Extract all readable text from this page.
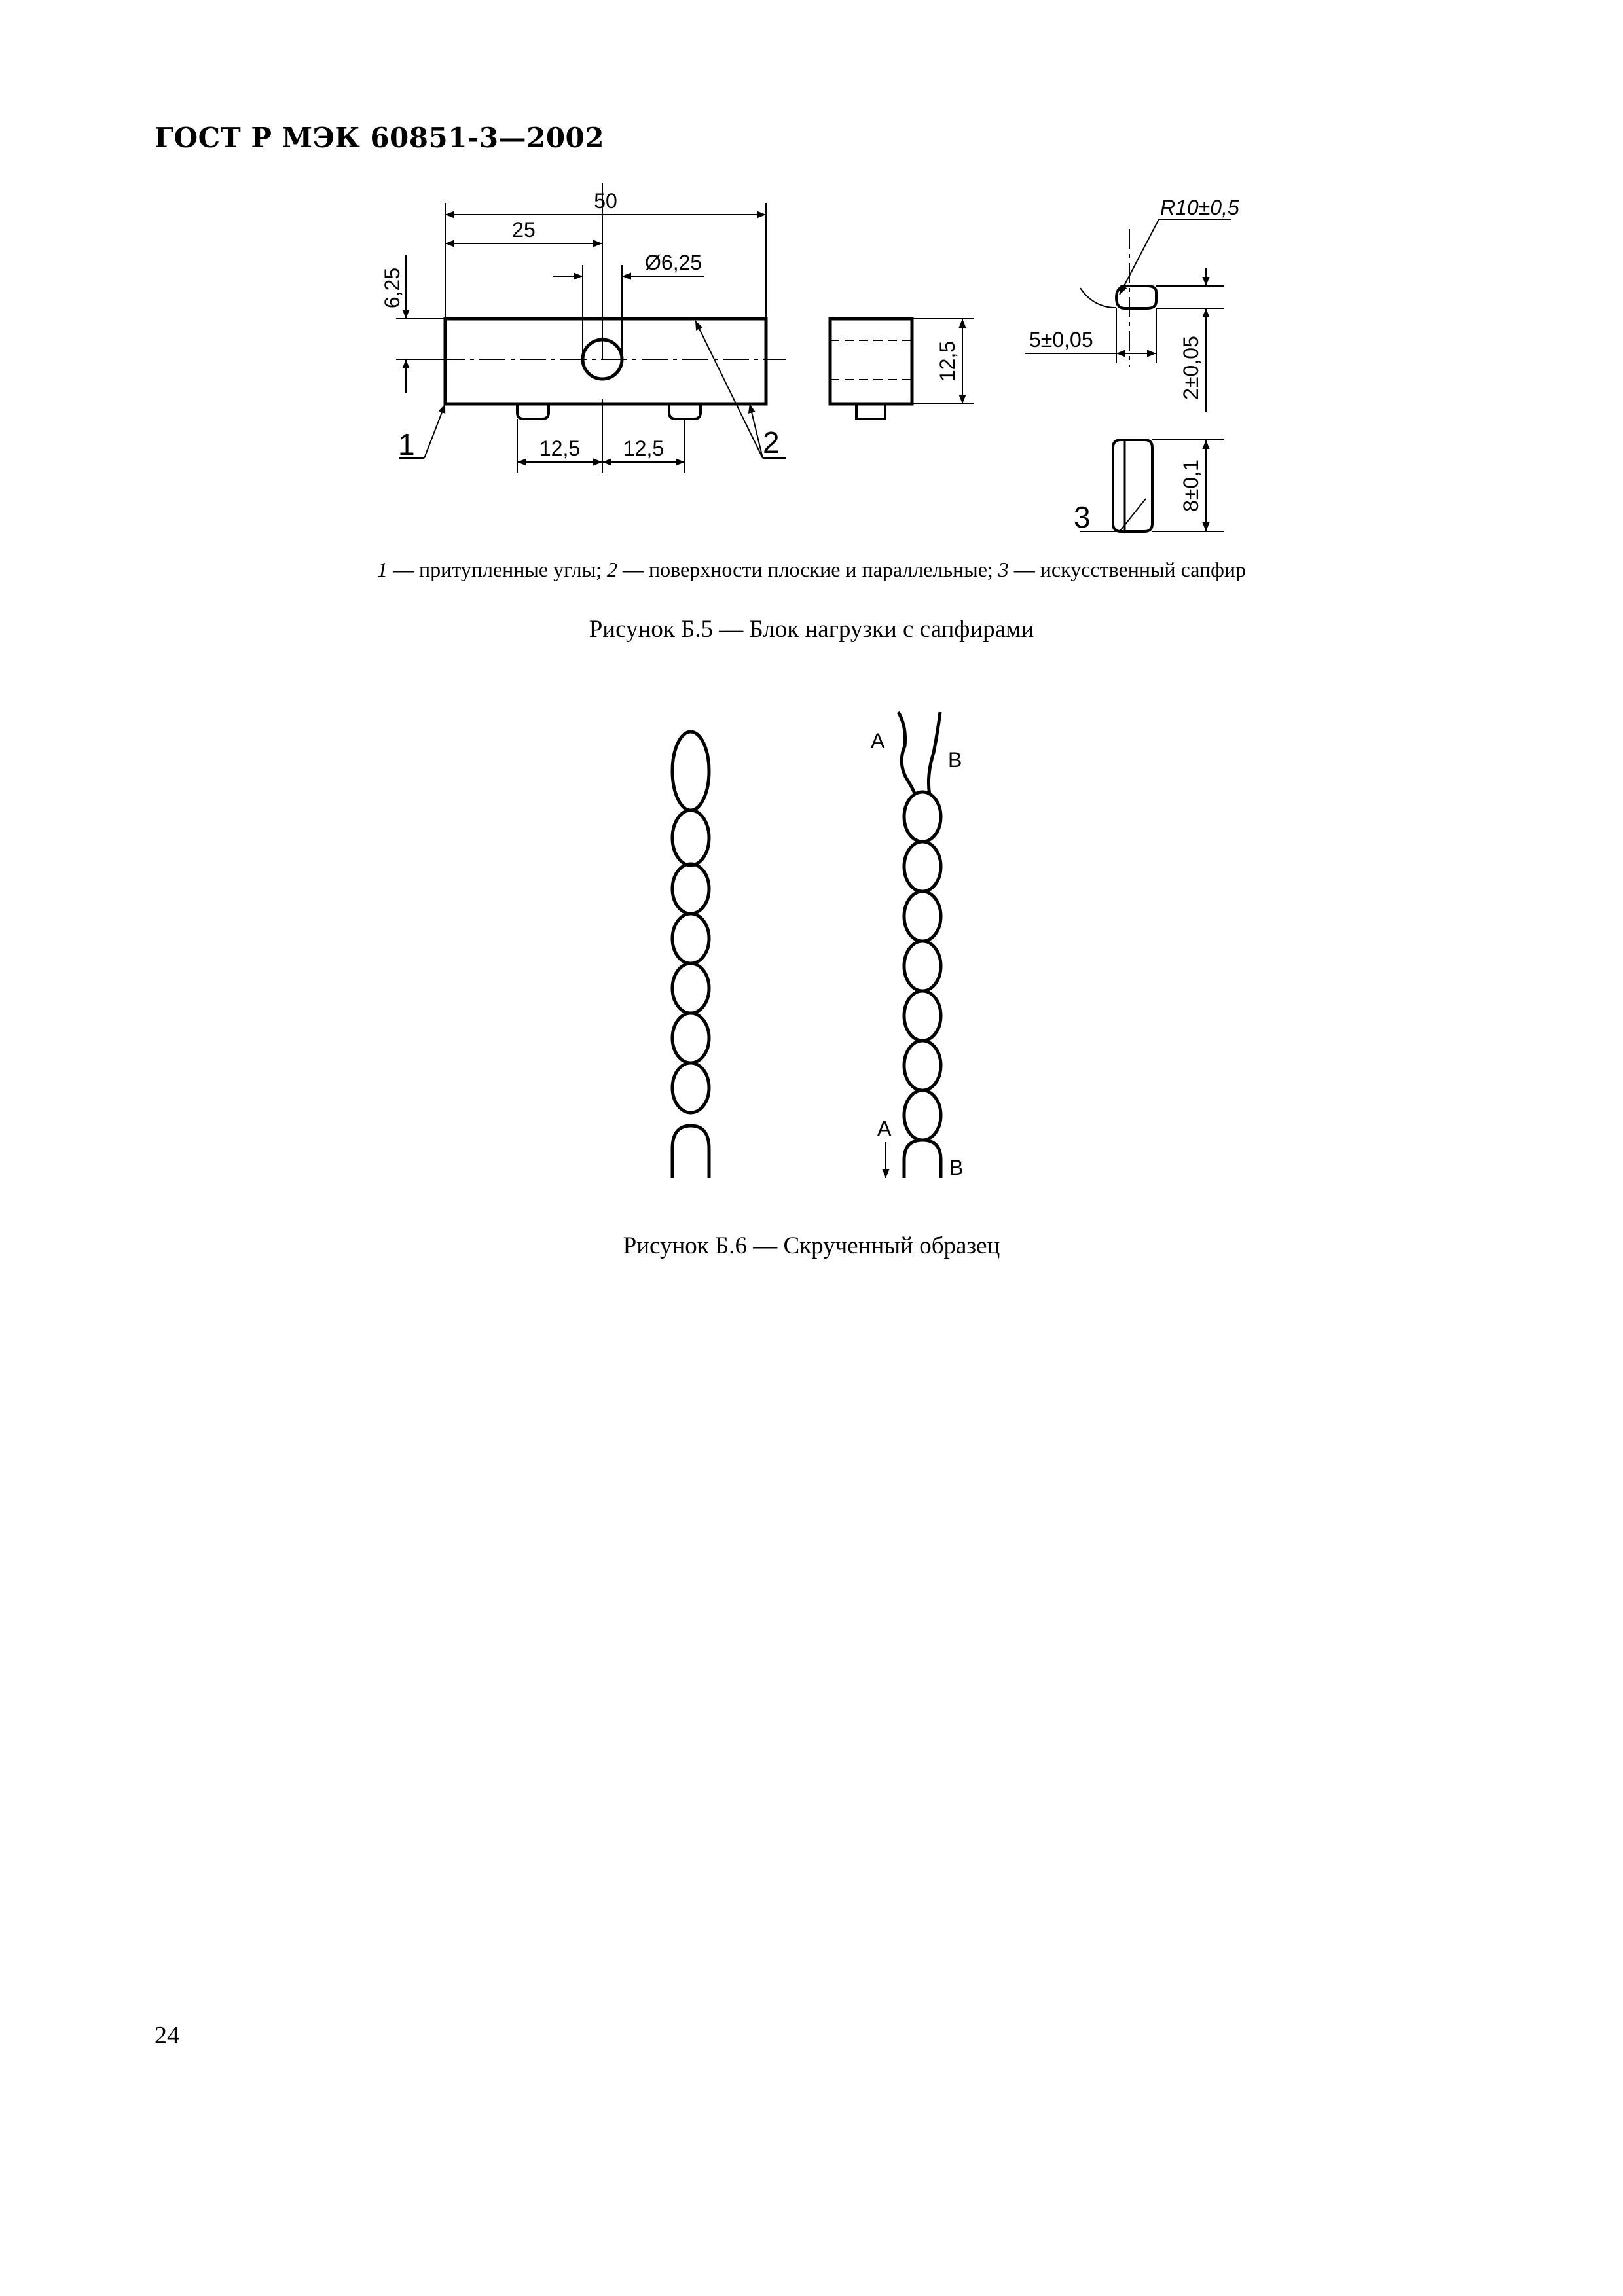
ГОСТ Р МЭК 60851-3—2002
50
25
Ø6,25
6,25
12,5 12,5
12,5
R10±0,5
5±0,05	2±0,05
8±0,1
1	2
3
A
B
A
B
1 — притупленные углы; 2 — поверхности плоские и параллельные; 3 — искусственный сапфир
Рисунок Б.5 — Блок нагрузки с сапфирами
Рисунок Б.6 — Скрученный образец
24
